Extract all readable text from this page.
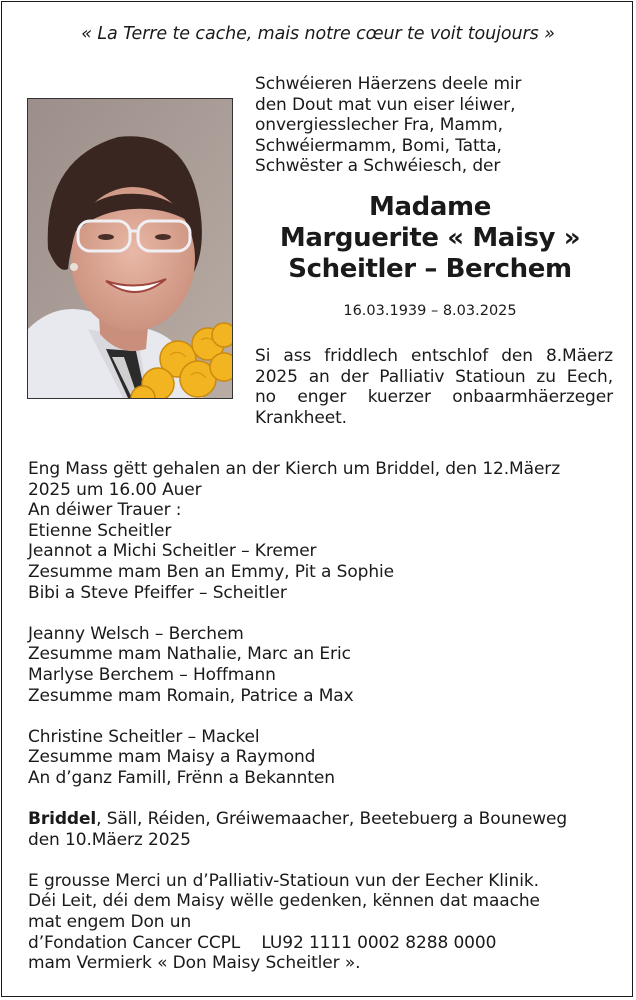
« La Terre te cache, mais notre cœur te voit toujours »
Schwéieren Häerzens deele mir
den Dout mat vun eiser léiwer,
onvergiesslecher Fra, Mamm,
Schwéiermamm, Bomi, Tatta,
Schwëster a Schwéiesch, der
Madame
Marguerite « Maisy »
Scheitler – Berchem
16.03.1939 – 8.03.2025
Si ass friddlech entschlof den 8.Mäerz
2025 an der Palliativ Statioun zu Eech,
no enger kuerzer onbaarmhäerzeger
Krankheet.
Eng Mass gëtt gehalen an der Kierch um Briddel, den 12.Mäerz
2025 um 16.00 Auer
An déiwer Trauer :
Etienne Scheitler
Jeannot a Michi Scheitler – Kremer
Zesumme mam Ben an Emmy, Pit a Sophie
Bibi a Steve Pfeiffer – Scheitler
Jeanny Welsch – Berchem
Zesumme mam Nathalie, Marc an Eric
Marlyse Berchem – Hoffmann
Zesumme mam Romain, Patrice a Max
Christine Scheitler – Mackel
Zesumme mam Maisy a Raymond
An d’ganz Famill, Frënn a Bekannten
Briddel, Säll, Réiden, Gréiwemaacher, Beetebuerg a Bouneweg
den 10.Mäerz 2025
E grousse Merci un d’Palliativ-Statioun vun der Eecher Klinik.
Déi Leit, déi dem Maisy wëlle gedenken, kënnen dat maache
mat engem Don un
d’Fondation Cancer CCPL    LU92 1111 0002 8288 0000
mam Vermierk « Don Maisy Scheitler ».
